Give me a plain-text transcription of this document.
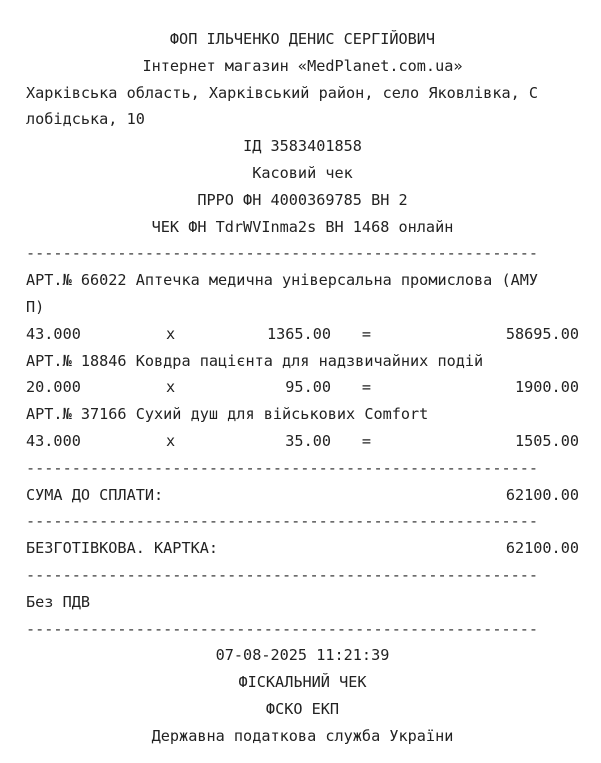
ФОП ІЛЬЧЕНКО ДЕНИС СЕРГІЙОВИЧ
Інтернет магазин «MedPlanet.com.ua»
Харківська область, Харківський район, село Яковлівка, С
лобідська, 10
ІД 3583401858
Касовий чек
ПРРО ФН 4000369785 ВН 2
ЧЕК ФН TdrWVInma2s ВН 1468 онлайн
--------------------------------------------------------
АРТ.№ 66022 Аптечка медична універсальна промислова (АМУ
П)
43.000	x	1365.00	=	58695.00
АРТ.№ 18846 Ковдра пацієнта для надзвичайних подій
20.000	x	95.00	=	1900.00
АРТ.№ 37166 Сухий душ для військових Comfort
43.000	x	35.00	=	1505.00
--------------------------------------------------------
СУМА ДО СПЛАТИ:	62100.00
--------------------------------------------------------
БЕЗГОТІВКОВА. КАРТКА:	62100.00
--------------------------------------------------------
Без ПДВ
--------------------------------------------------------
07-08-2025 11:21:39
ФІСКАЛЬНИЙ ЧЕК
ФСКО ЕКП
Державна податкова служба України
